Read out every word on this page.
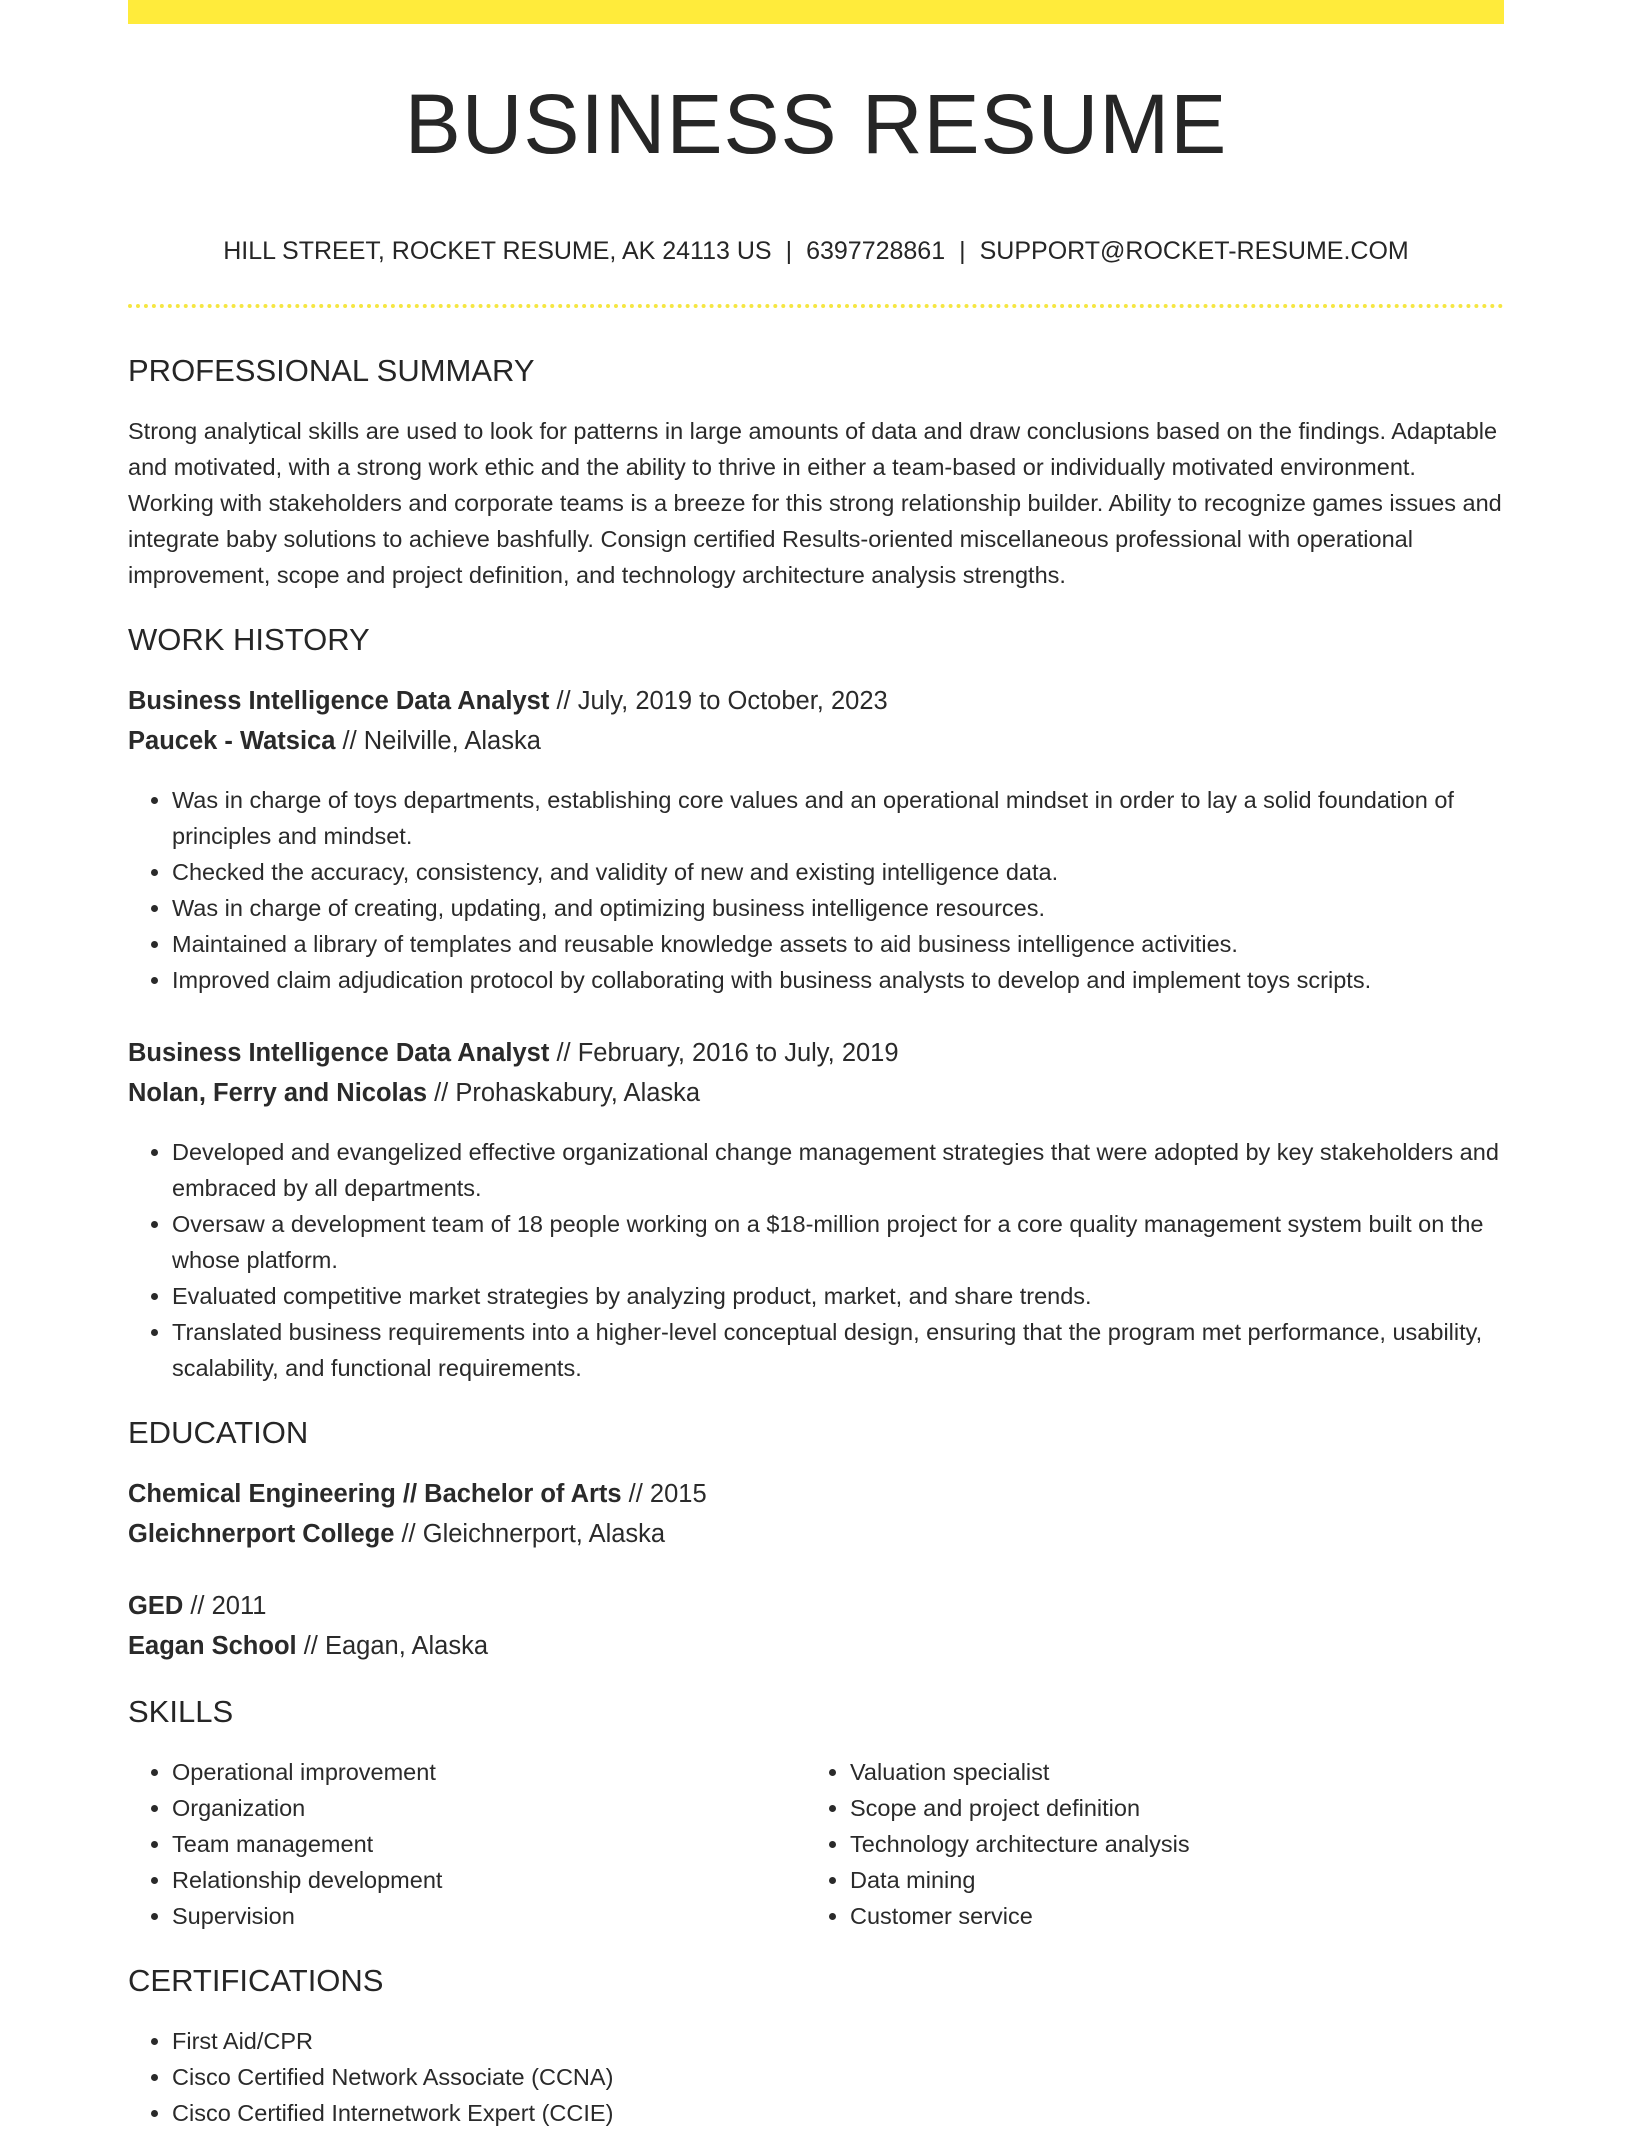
BUSINESS RESUME
HILL STREET, ROCKET RESUME, AK 24113 US | 6397728861 | SUPPORT@ROCKET-RESUME.COM
PROFESSIONAL SUMMARY

Strong analytical skills are used to look for patterns in large amounts of data and draw conclusions based on the findings. Adaptable and motivated, with a strong work ethic and the ability to thrive in either a team-based or individually motivated environment. Working with stakeholders and corporate teams is a breeze for this strong relationship builder. Ability to recognize games issues and integrate baby solutions to achieve bashfully. Consign certified Results-oriented miscellaneous professional with operational improvement, scope and project definition, and technology architecture analysis strengths.

WORK HISTORY
Business Intelligence Data Analyst // July, 2019 to October, 2023
Paucek - Watsica // Neilville, Alaska
• Was in charge of toys departments, establishing core values and an operational mindset in order to lay a solid foundation of principles and mindset.
• Checked the accuracy, consistency, and validity of new and existing intelligence data.
• Was in charge of creating, updating, and optimizing business intelligence resources.
• Maintained a library of templates and reusable knowledge assets to aid business intelligence activities.
• Improved claim adjudication protocol by collaborating with business analysts to develop and implement toys scripts.
Business Intelligence Data Analyst // February, 2016 to July, 2019
Nolan, Ferry and Nicolas // Prohaskabury, Alaska
• Developed and evangelized effective organizational change management strategies that were adopted by key stakeholders and embraced by all departments.
• Oversaw a development team of 18 people working on a $18-million project for a core quality management system built on the whose platform.
• Evaluated competitive market strategies by analyzing product, market, and share trends.
• Translated business requirements into a higher-level conceptual design, ensuring that the program met performance, usability, scalability, and functional requirements.
EDUCATION
Chemical Engineering // Bachelor of Arts // 2015
Gleichnerport College // Gleichnerport, Alaska
GED // 2011
Eagan School // Eagan, Alaska
SKILLS
• Operational improvement
• Organization
• Team management
• Relationship development
• Supervision
• Valuation specialist
• Scope and project definition
• Technology architecture analysis
• Data mining
• Customer service
CERTIFICATIONS
• First Aid/CPR
• Cisco Certified Network Associate (CCNA)
• Cisco Certified Internetwork Expert (CCIE)
